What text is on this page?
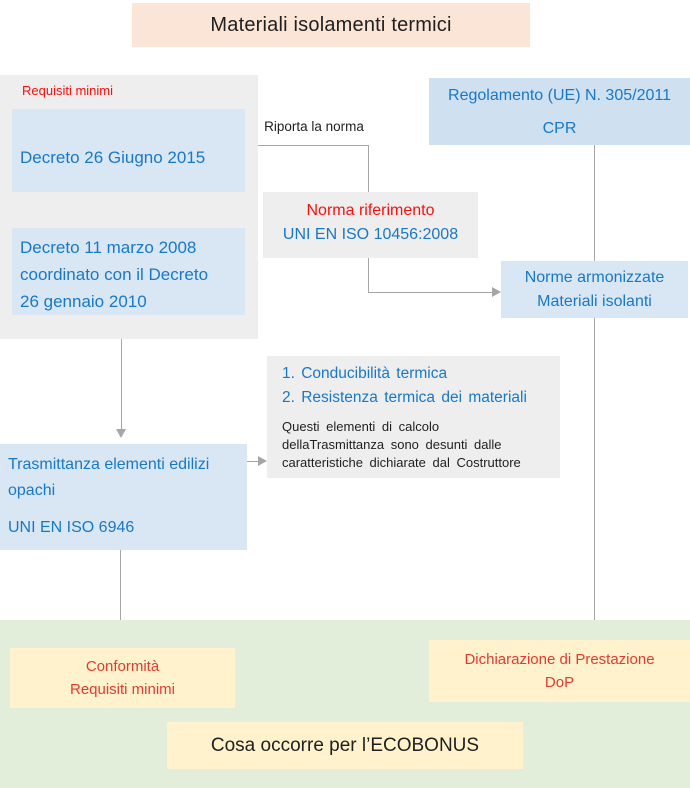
Materiali isolamenti termici
Requisiti minimi
Decreto 26 Giugno 2015
Decreto 11 marzo 2008
coordinato con il Decreto
26 gennaio 2010
Regolamento (UE) N. 305/2011
CPR
Riporta la norma
Norma riferimento
UNI EN ISO 10456:2008
Norme armonizzate
Materiali isolanti
1. Conducibilità termica
2. Resistenza termica dei materiali
Questi elementi di calcolo
dellaTrasmittanza sono desunti dalle
caratteristiche dichiarate dal Costruttore
Trasmittanza elementi edilizi
opachi
UNI EN ISO 6946
Conformità
Requisiti minimi
Dichiarazione di Prestazione
DoP
Cosa occorre per l’ECOBONUS
